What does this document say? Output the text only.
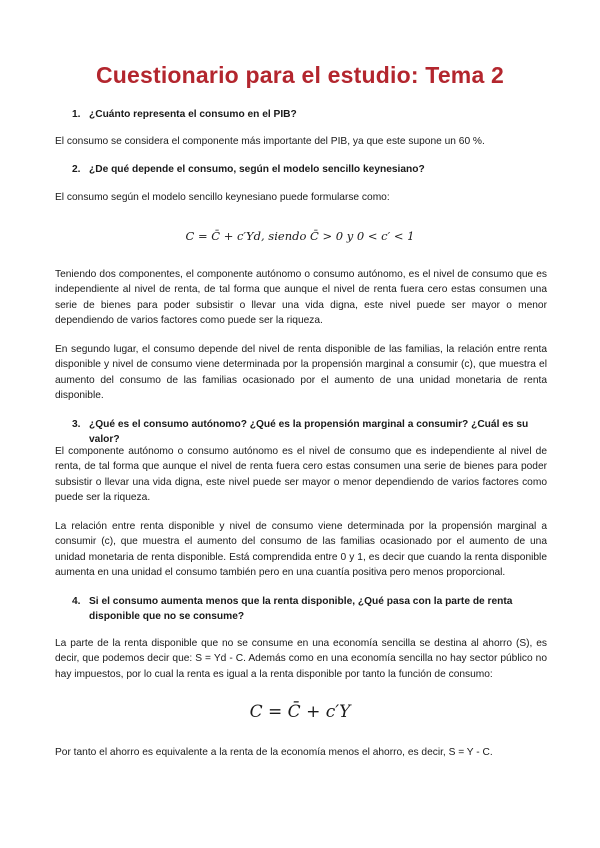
Cuestionario para el estudio: Tema 2
1. ¿Cuánto representa el consumo en el PIB?
El consumo se considera el componente más importante del PIB, ya que este supone un 60 %.
2. ¿De qué depende el consumo, según el modelo sencillo keynesiano?
El consumo según el modelo sencillo keynesiano puede formularse como:
C = C̄ + c′Yd, siendo C̄ > 0 y 0 < c′ < 1
Teniendo dos componentes, el componente autónomo o consumo autónomo, es el nivel de consumo que es independiente al nivel de renta, de tal forma que aunque el nivel de renta fuera cero estas consumen una serie de bienes para poder subsistir o llevar una vida digna, este nivel puede ser mayor o menor dependiendo de varios factores como puede ser la riqueza.
En segundo lugar, el consumo depende del nivel de renta disponible de las familias, la relación entre renta disponible y nivel de consumo viene determinada por la propensión marginal a consumir (c), que muestra el aumento del consumo de las familias ocasionado por el aumento de una unidad monetaria de renta disponible.
3. ¿Qué es el consumo autónomo? ¿Qué es la propensión marginal a consumir? ¿Cuál es su valor?
El componente autónomo o consumo autónomo es el nivel de consumo que es independiente al nivel de renta, de tal forma que aunque el nivel de renta fuera cero estas consumen una serie de bienes para poder subsistir o llevar una vida digna, este nivel puede ser mayor o menor dependiendo de varios factores como puede ser la riqueza.
La relación entre renta disponible y nivel de consumo viene determinada por la propensión marginal a consumir (c), que muestra el aumento del consumo de las familias ocasionado por el aumento de una unidad monetaria de renta disponible. Está comprendida entre 0 y 1, es decir que cuando la renta disponible aumenta en una unidad el consumo también pero en una cuantía positiva pero menos proporcional.
4. Si el consumo aumenta menos que la renta disponible, ¿Qué pasa con la parte de renta disponible que no se consume?
La parte de la renta disponible que no se consume en una economía sencilla se destina al ahorro (S), es decir, que podemos decir que: S = Yd - C. Además como en una economía sencilla no hay sector público no hay impuestos, por lo cual la renta es igual a la renta disponible por tanto la función de consumo:
C = C̄ + c′Y
Por tanto el ahorro es equivalente a la renta de la economía menos el ahorro, es decir, S = Y - C.
